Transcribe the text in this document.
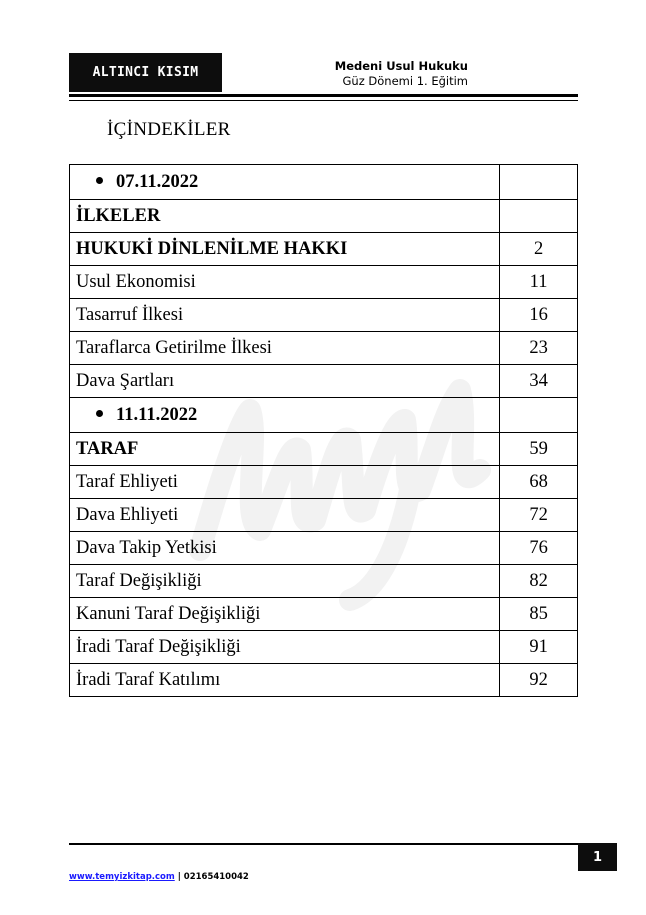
ALTINCI KISIM	Medeni Usul Hukuku
Güz Dönemi 1. Eğitim
İÇİNDEKİLER
07.11.2022	
İLKELER	
HUKUKİ DİNLENİLME HAKKI	2
Usul Ekonomisi	11
Tasarruf İlkesi	16
Taraflarca Getirilme İlkesi	23
Dava Şartları	34
11.11.2022	
TARAF	59
Taraf Ehliyeti	68
Dava Ehliyeti	72
Dava Takip Yetkisi	76
Taraf Değişikliği	82
Kanuni Taraf Değişikliği	85
İradi Taraf Değişikliği	91
İradi Taraf Katılımı	92
1
www.temyizkitap.com | 02165410042
